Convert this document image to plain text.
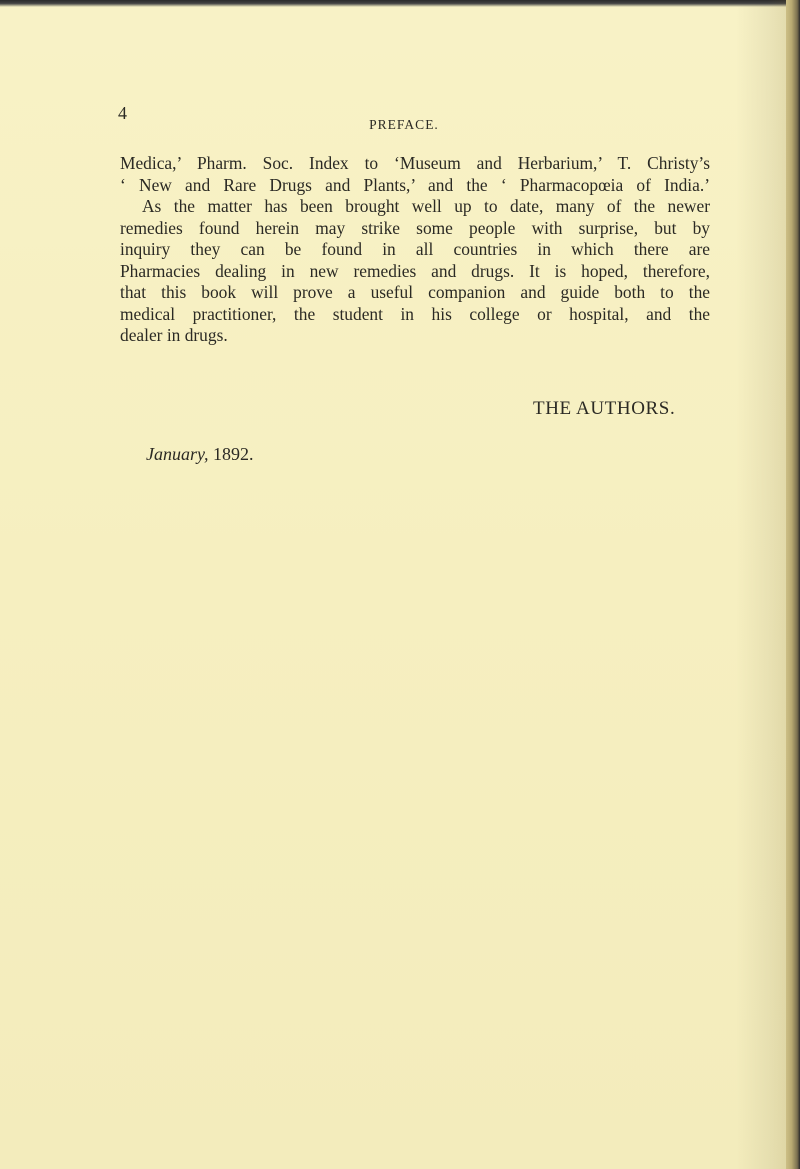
4
PREFACE.
Medica,’ Pharm. Soc. Index to ‘Museum and Herbarium,’ T. Christy’s
‘ New and Rare Drugs and Plants,’ and the ‘ Pharmacopœia of India.’
As the matter has been brought well up to date, many of the newer
remedies found herein may strike some people with surprise, but by
inquiry they can be found in all countries in which there are
Pharmacies dealing in new remedies and drugs. It is hoped, therefore,
that this book will prove a useful companion and guide both to the
medical practitioner, the student in his college or hospital, and the
dealer in drugs.
THE AUTHORS.
January, 1892.
